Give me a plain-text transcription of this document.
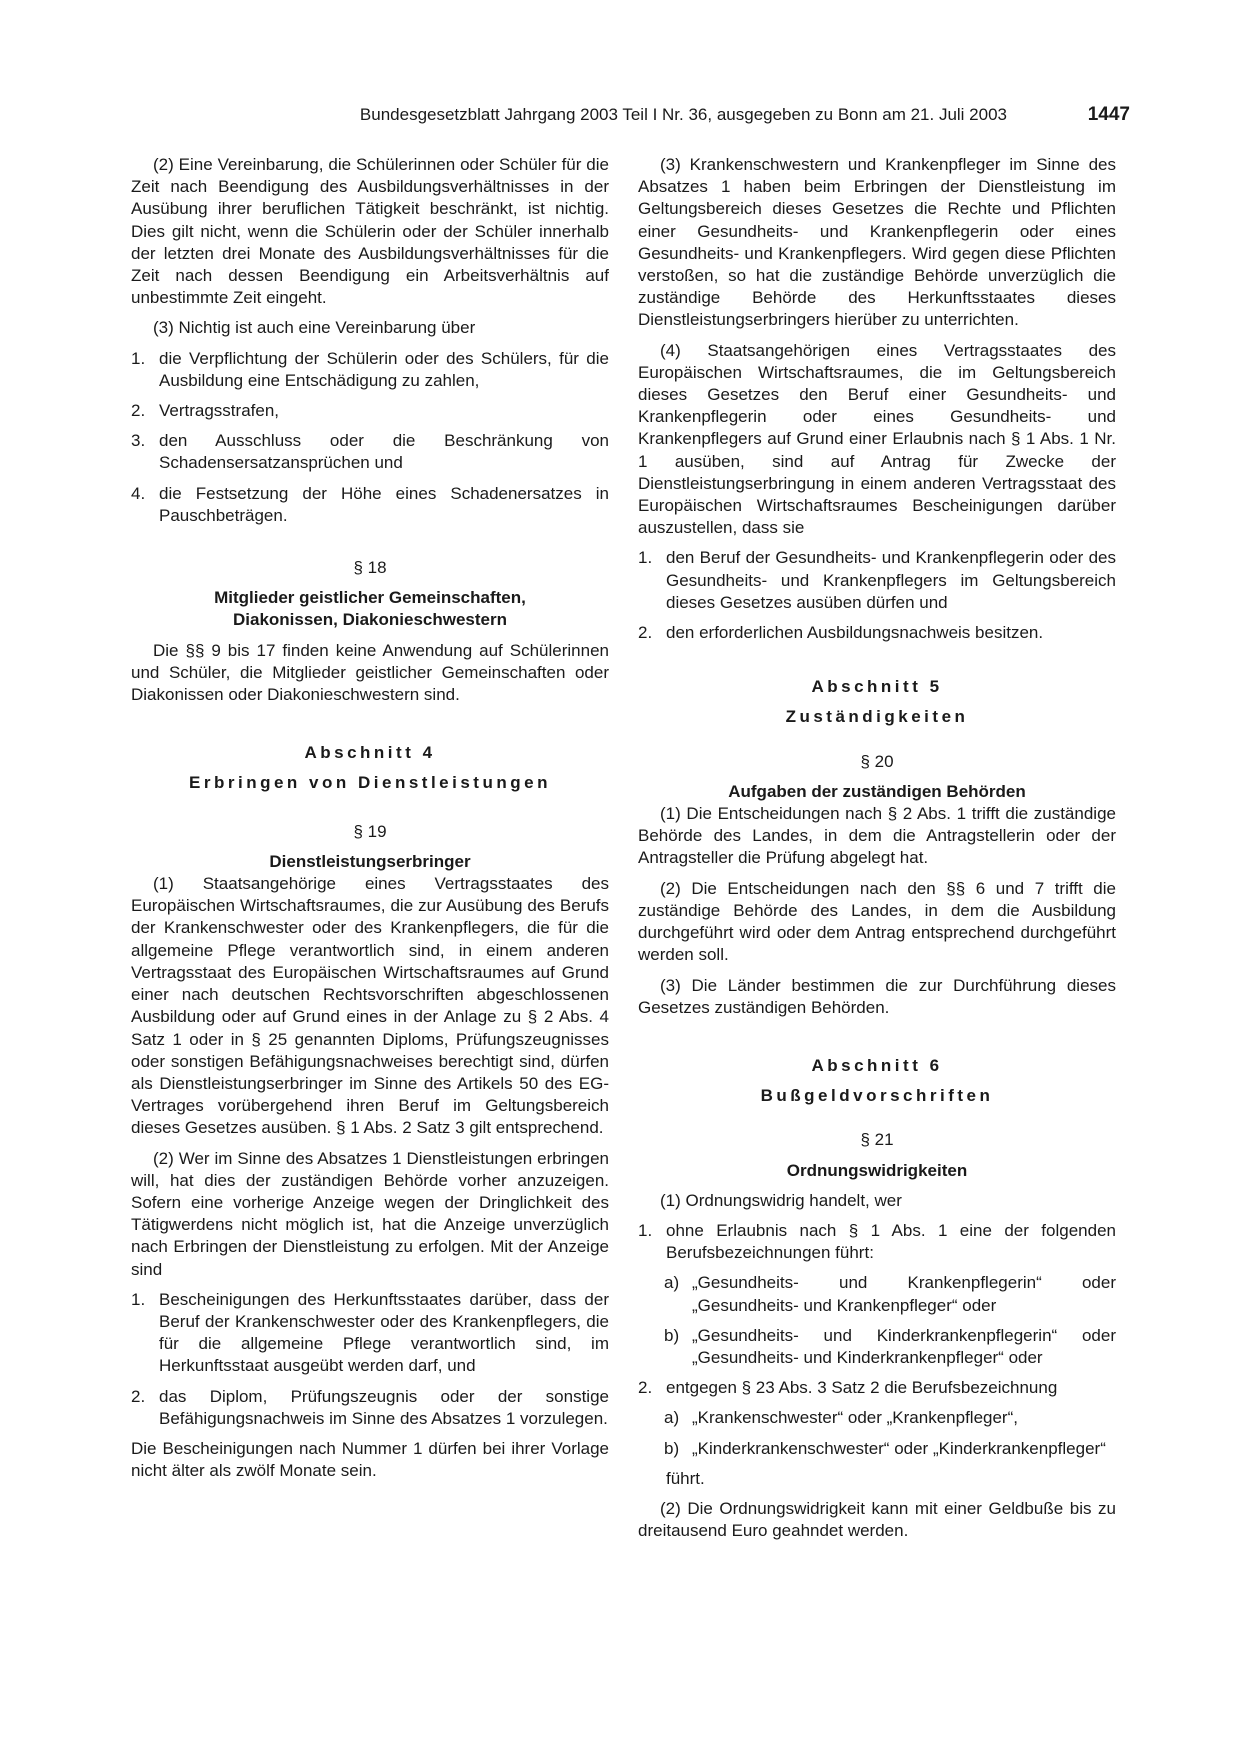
Bundesgesetzblatt Jahrgang 2003 Teil I Nr. 36, ausgegeben zu Bonn am 21. Juli 2003	1447

(2) Eine Vereinbarung, die Schülerinnen oder Schüler für die Zeit nach Beendigung des Ausbildungsverhältnisses in der Ausübung ihrer beruflichen Tätigkeit beschränkt, ist nichtig. Dies gilt nicht, wenn die Schülerin oder der Schüler innerhalb der letzten drei Monate des Ausbildungsverhältnisses für die Zeit nach dessen Beendigung ein Arbeitsverhältnis auf unbestimmte Zeit eingeht.

(3) Nichtig ist auch eine Vereinbarung über

1. die Verpflichtung der Schülerin oder des Schülers, für die Ausbildung eine Entschädigung zu zahlen,
2. Vertragsstrafen,
3. den Ausschluss oder die Beschränkung von Schadensersatzansprüchen und
4. die Festsetzung der Höhe eines Schadenersatzes in Pauschbeträgen.

§ 18

Mitglieder geistlicher Gemeinschaften,

Diakonissen, Diakonieschwestern

Die §§ 9 bis 17 finden keine Anwendung auf Schülerinnen und Schüler, die Mitglieder geistlicher Gemeinschaften oder Diakonissen oder Diakonieschwestern sind.

Abschnitt 4

Erbringen von Dienstleistungen

§ 19

Dienstleistungserbringer

(1) Staatsangehörige eines Vertragsstaates des Europäischen Wirtschaftsraumes, die zur Ausübung des Berufs der Krankenschwester oder des Krankenpflegers, die für die allgemeine Pflege verantwortlich sind, in einem anderen Vertragsstaat des Europäischen Wirtschaftsraumes auf Grund einer nach deutschen Rechtsvorschriften abgeschlossenen Ausbildung oder auf Grund eines in der Anlage zu § 2 Abs. 4 Satz 1 oder in § 25 genannten Diploms, Prüfungszeugnisses oder sonstigen Befähigungsnachweises berechtigt sind, dürfen als Dienstleistungserbringer im Sinne des Artikels 50 des EG-Vertrages vorübergehend ihren Beruf im Geltungsbereich dieses Gesetzes ausüben. § 1 Abs. 2 Satz 3 gilt entsprechend.

(2) Wer im Sinne des Absatzes 1 Dienstleistungen erbringen will, hat dies der zuständigen Behörde vorher anzuzeigen. Sofern eine vorherige Anzeige wegen der Dringlichkeit des Tätigwerdens nicht möglich ist, hat die Anzeige unverzüglich nach Erbringen der Dienstleistung zu erfolgen. Mit der Anzeige sind

1. Bescheinigungen des Herkunftsstaates darüber, dass der Beruf der Krankenschwester oder des Krankenpflegers, die für die allgemeine Pflege verantwortlich sind, im Herkunftsstaat ausgeübt werden darf, und
2. das Diplom, Prüfungszeugnis oder der sonstige Befähigungsnachweis im Sinne des Absatzes 1 vorzulegen.

Die Bescheinigungen nach Nummer 1 dürfen bei ihrer Vorlage nicht älter als zwölf Monate sein.

(3) Krankenschwestern und Krankenpfleger im Sinne des Absatzes 1 haben beim Erbringen der Dienstleistung im Geltungsbereich dieses Gesetzes die Rechte und Pflichten einer Gesundheits- und Krankenpflegerin oder eines Gesundheits- und Krankenpflegers. Wird gegen diese Pflichten verstoßen, so hat die zuständige Behörde unverzüglich die zuständige Behörde des Herkunftsstaates dieses Dienstleistungserbringers hierüber zu unterrichten.

(4) Staatsangehörigen eines Vertragsstaates des Europäischen Wirtschaftsraumes, die im Geltungsbereich dieses Gesetzes den Beruf einer Gesundheits- und Krankenpflegerin oder eines Gesundheits- und Krankenpflegers auf Grund einer Erlaubnis nach § 1 Abs. 1 Nr. 1 ausüben, sind auf Antrag für Zwecke der Dienstleistungserbringung in einem anderen Vertragsstaat des Europäischen Wirtschaftsraumes Bescheinigungen darüber auszustellen, dass sie

1. den Beruf der Gesundheits- und Krankenpflegerin oder des Gesundheits- und Krankenpflegers im Geltungsbereich dieses Gesetzes ausüben dürfen und
2. den erforderlichen Ausbildungsnachweis besitzen.

Abschnitt 5

Zuständigkeiten

§ 20

Aufgaben der zuständigen Behörden

(1) Die Entscheidungen nach § 2 Abs. 1 trifft die zuständige Behörde des Landes, in dem die Antragstellerin oder der Antragsteller die Prüfung abgelegt hat.

(2) Die Entscheidungen nach den §§ 6 und 7 trifft die zuständige Behörde des Landes, in dem die Ausbildung durchgeführt wird oder dem Antrag entsprechend durchgeführt werden soll.

(3) Die Länder bestimmen die zur Durchführung dieses Gesetzes zuständigen Behörden.

Abschnitt 6

Bußgeldvorschriften

§ 21

Ordnungswidrigkeiten

(1) Ordnungswidrig handelt, wer

1. ohne Erlaubnis nach § 1 Abs. 1 eine der folgenden Berufsbezeichnungen führt:
a) „Gesundheits- und Krankenpflegerin“ oder „Gesundheits- und Krankenpfleger“ oder
b) „Gesundheits- und Kinderkrankenpflegerin“ oder „Gesundheits- und Kinderkrankenpfleger“ oder
2. entgegen § 23 Abs. 3 Satz 2 die Berufsbezeichnung
a) „Krankenschwester“ oder „Krankenpfleger“,
b) „Kinderkrankenschwester“ oder „Kinderkrankenpfleger“

führt.

(2) Die Ordnungswidrigkeit kann mit einer Geldbuße bis zu dreitausend Euro geahndet werden.
